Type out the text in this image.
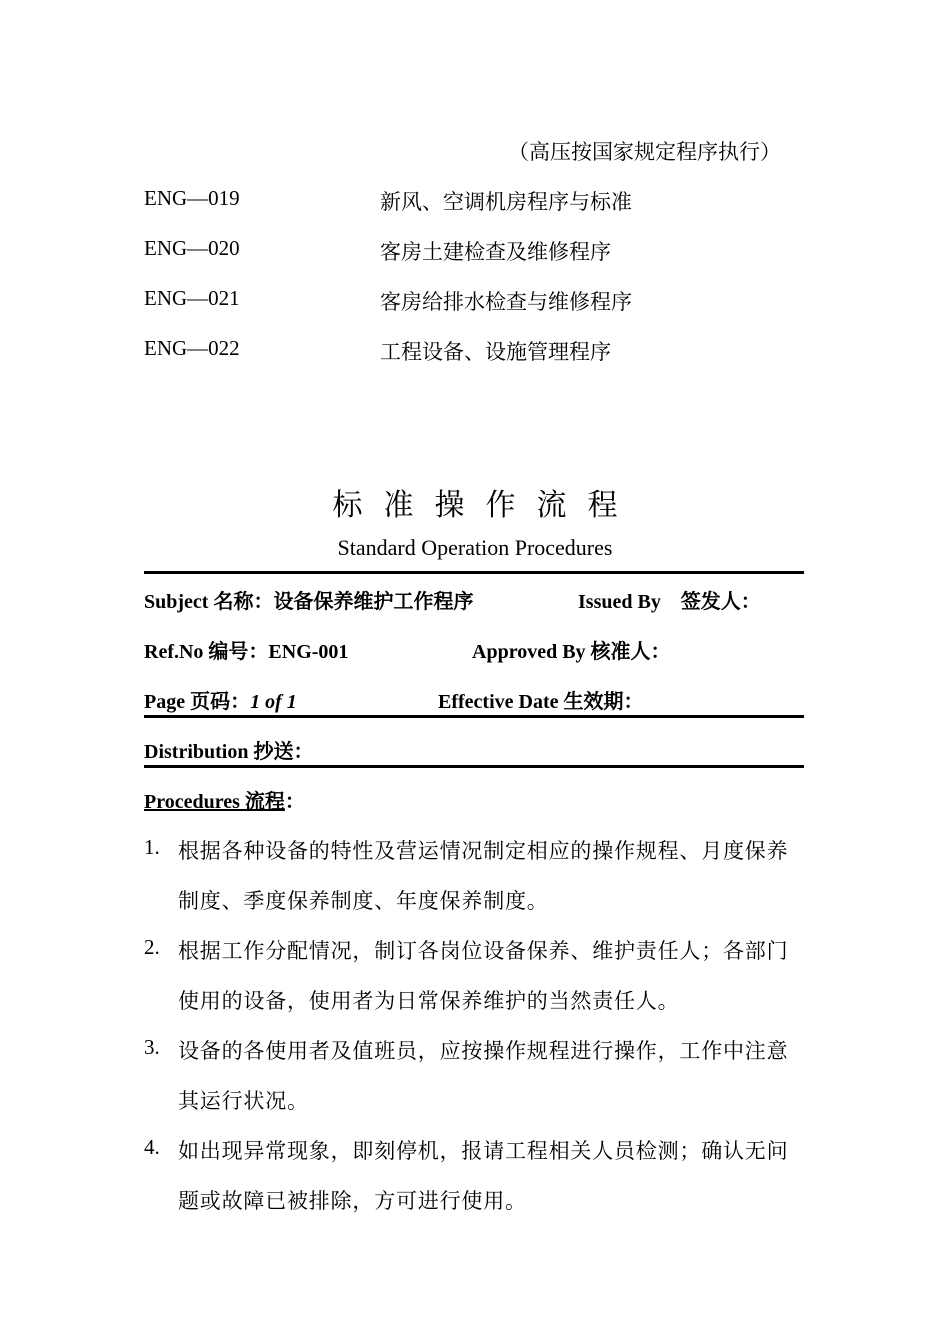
（高压按国家规定程序执行）
ENG—019	新风、空调机房程序与标准
ENG—020	客房土建检查及维修程序
ENG—021	客房给排水检查与维修程序
ENG—022	工程设备、设施管理程序
标准操作流程
Standard Operation Procedures
Subject 名称：设备保养维护工作程序	Issued By　签发人：
Ref.No 编号：ENG-001	Approved By 核准人：
Page 页码：1 of 1	Effective Date 生效期：
Distribution 抄送：
Procedures 流程：
1. 根据各种设备的特性及营运情况制定相应的操作规程、月度保养
制度、季度保养制度、年度保养制度。
2. 根据工作分配情况，制订各岗位设备保养、维护责任人；各部门
使用的设备，使用者为日常保养维护的当然责任人。
3. 设备的各使用者及值班员，应按操作规程进行操作，工作中注意
其运行状况。
4. 如出现异常现象，即刻停机，报请工程相关人员检测；确认无问
题或故障已被排除，方可进行使用。
